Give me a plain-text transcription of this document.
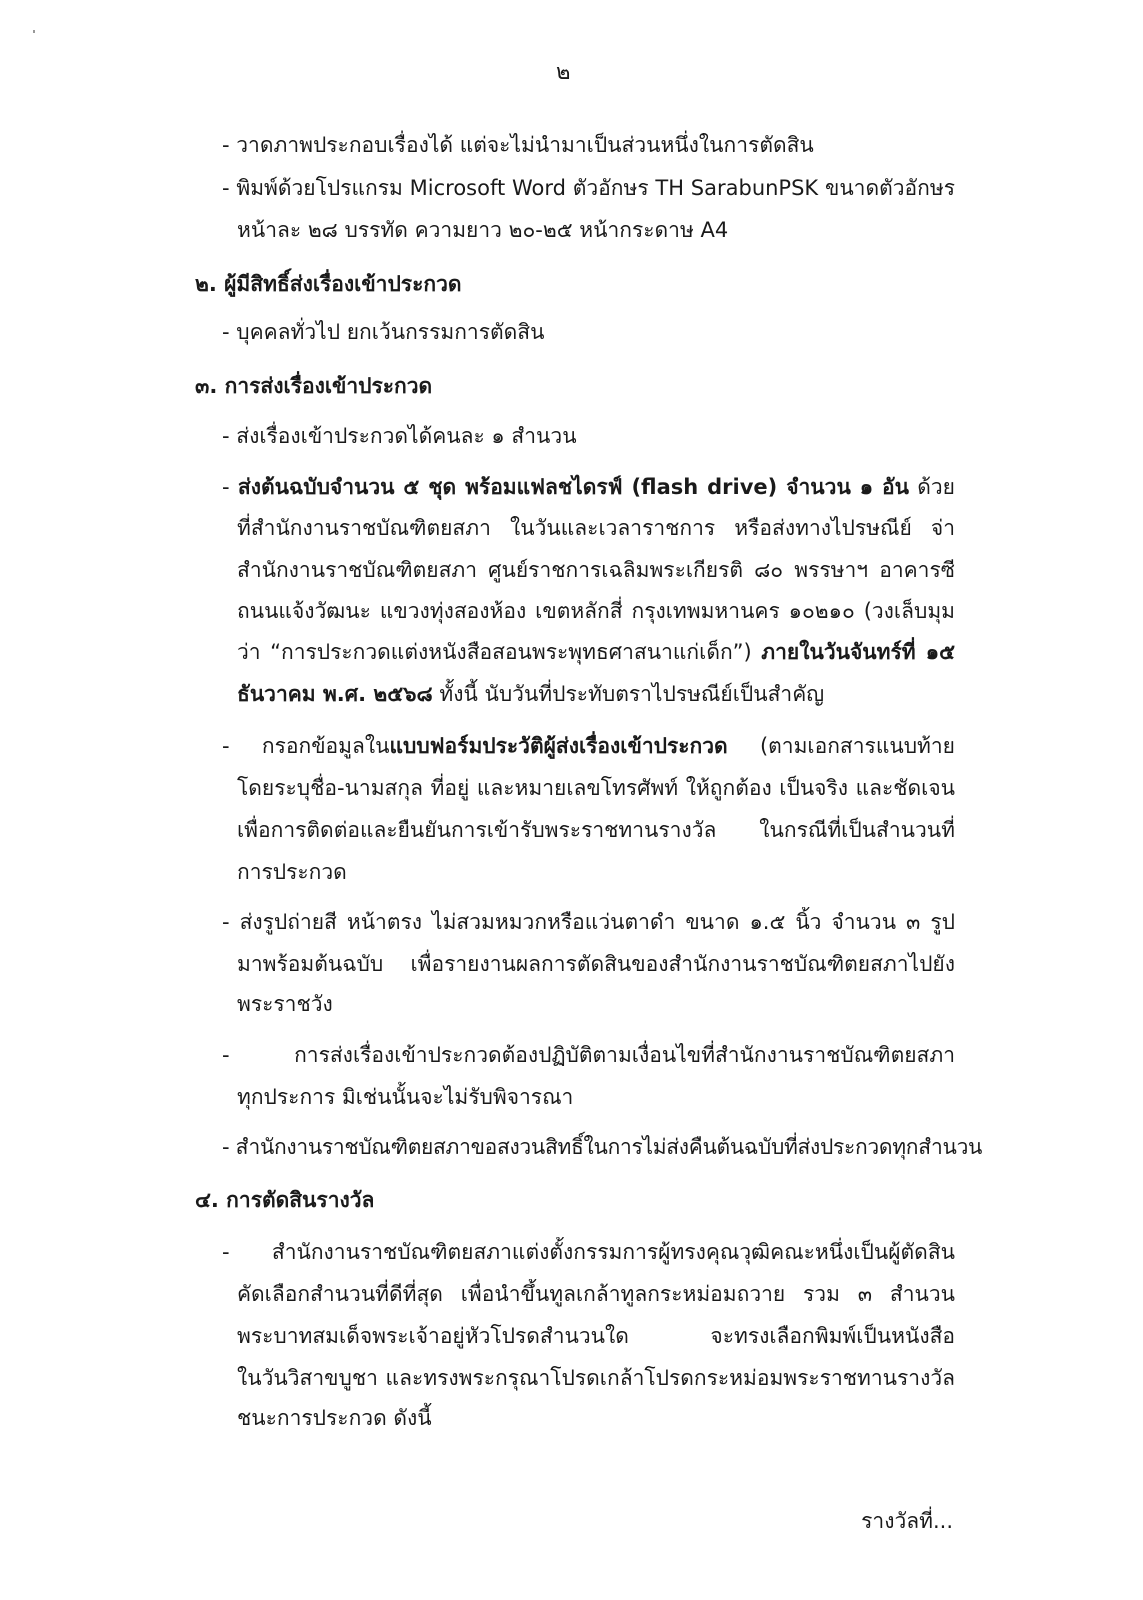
๒
- วาดภาพประกอบเรื่องได้ แต่จะไม่นำมาเป็นส่วนหนึ่งในการตัดสิน
- พิมพ์ด้วยโปรแกรม Microsoft Word ตัวอักษร TH SarabunPSK ขนาดตัวอักษร
หน้าละ ๒๘ บรรทัด ความยาว ๒๐-๒๕ หน้ากระดาษ A4
๒. ผู้มีสิทธิ์ส่งเรื่องเข้าประกวด
- บุคคลทั่วไป ยกเว้นกรรมการตัดสิน
๓. การส่งเรื่องเข้าประกวด
- ส่งเรื่องเข้าประกวดได้คนละ ๑ สำนวน
- ส่งต้นฉบับจำนวน ๕ ชุด พร้อมแฟลชไดรฟ์ (flash drive) จำนวน ๑ อัน ด้วย
ที่สำนักงานราชบัณฑิตยสภา ในวันและเวลาราชการ หรือส่งทางไปรษณีย์ จ่า
สำนักงานราชบัณฑิตยสภา ศูนย์ราชการเฉลิมพระเกียรติ ๘๐ พรรษาฯ อาคารซี
ถนนแจ้งวัฒนะ แขวงทุ่งสองห้อง เขตหลักสี่ กรุงเทพมหานคร ๑๐๒๑๐ (วงเล็บมุม
ว่า “การประกวดแต่งหนังสือสอนพระพุทธศาสนาแก่เด็ก”) ภายในวันจันทร์ที่ ๑๕
ธันวาคม พ.ศ. ๒๕๖๘ ทั้งนี้ นับวันที่ประทับตราไปรษณีย์เป็นสำคัญ
- กรอกข้อมูลในแบบฟอร์มประวัติผู้ส่งเรื่องเข้าประกวด (ตามเอกสารแนบท้าย
โดยระบุชื่อ-นามสกุล ที่อยู่ และหมายเลขโทรศัพท์ ให้ถูกต้อง เป็นจริง และชัดเจน
เพื่อการติดต่อและยืนยันการเข้ารับพระราชทานรางวัล ในกรณีที่เป็นสำนวนที่
การประกวด
- ส่งรูปถ่ายสี หน้าตรง ไม่สวมหมวกหรือแว่นตาดำ ขนาด ๑.๕ นิ้ว จำนวน ๓ รูป
มาพร้อมต้นฉบับ เพื่อรายงานผลการตัดสินของสำนักงานราชบัณฑิตยสภาไปยัง
พระราชวัง
- การส่งเรื่องเข้าประกวดต้องปฏิบัติตามเงื่อนไขที่สำนักงานราชบัณฑิตยสภา
ทุกประการ มิเช่นนั้นจะไม่รับพิจารณา
- สำนักงานราชบัณฑิตยสภาขอสงวนสิทธิ์ในการไม่ส่งคืนต้นฉบับที่ส่งประกวดทุกสำนวน
๔. การตัดสินรางวัล
- สำนักงานราชบัณฑิตยสภาแต่งตั้งกรรมการผู้ทรงคุณวุฒิคณะหนึ่งเป็นผู้ตัดสิน
คัดเลือกสำนวนที่ดีที่สุด เพื่อนำขึ้นทูลเกล้าทูลกระหม่อมถวาย รวม ๓ สำนวน
พระบาทสมเด็จพระเจ้าอยู่หัวโปรดสำนวนใด จะทรงเลือกพิมพ์เป็นหนังสือ
ในวันวิสาขบูชา และทรงพระกรุณาโปรดเกล้าโปรดกระหม่อมพระราชทานรางวัล
ชนะการประกวด ดังนี้
รางวัลที่...
